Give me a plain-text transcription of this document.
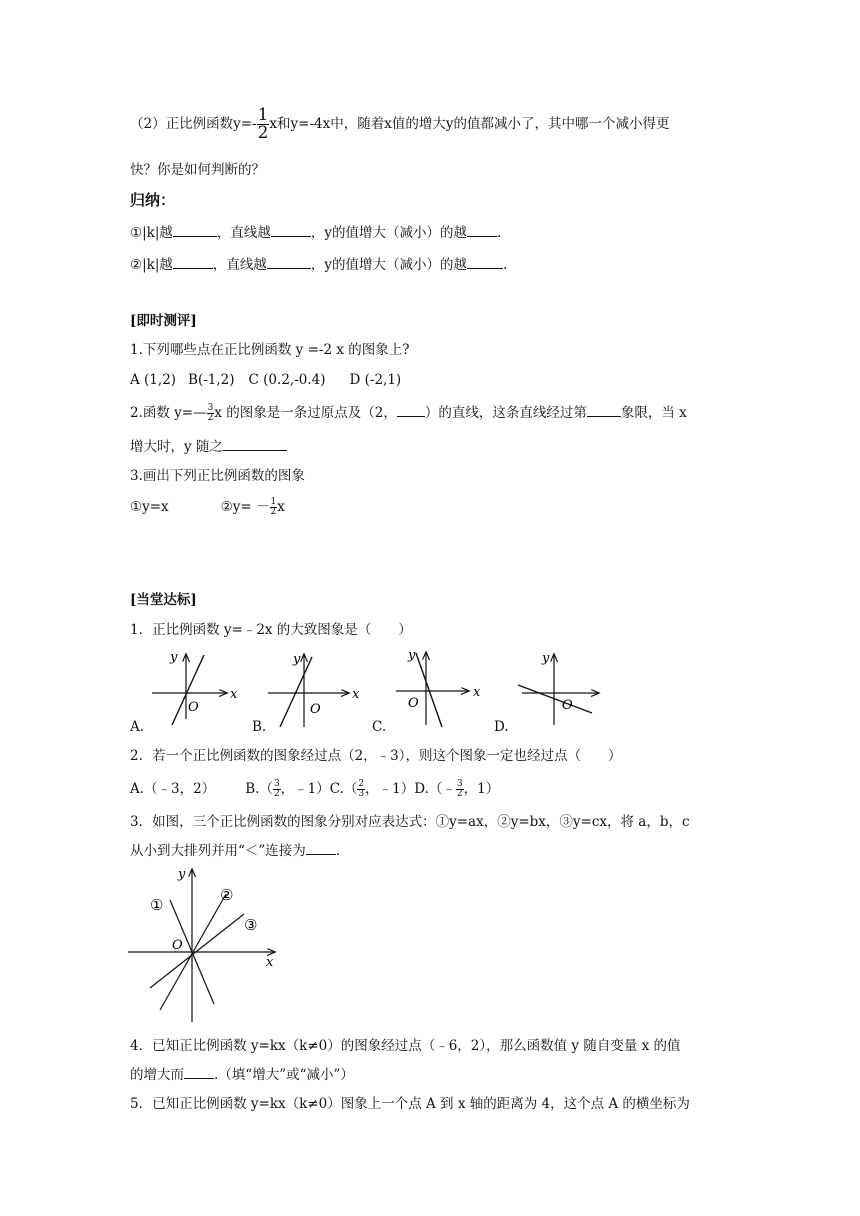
（2）正比例函数$y=- \frac{1}{2}$ x和y=-4x中，随着x值的增大y的值都减小了，其中哪一个减小得更
快？你是如何判断的？
归纳：
①|k|越	，直线越	，y的值增大（减小）的越 .
②|k|越	，直线越	，y的值增大（减小）的越	.
[即时测评]
1.下列哪些点在正比例函数 y =-2 x 的图象上?
A (1,2) B(-1,2) C (0.2,-0.4) D (-2,1)
2.函数 y=— $\frac{3}{2}$ x 的图象是一条过原点及（2， ）的直线，这条直线经过第	象限，当 x
增大时，y 随之
3.画出下列正比例函数的图象
①y=x	②y= － $\frac{1}{2}$ x
[当堂达标]
1．正比例函数 y=﹣2x 的大致图象是（　　）
x
y
O
x
y
O
x
y
O
y
O
A.	B.	C.	D.
2．若一个正比例函数的图象经过点（2，﹣3），则这个图象一定也经过点（　　）
A.（﹣3，2） $B.( \frac{3}{2}$ ，﹣1）C.（ $\frac{2}{3}$ ，﹣1）D.（﹣ $\frac{3}{2}$ ，1）
3．如图，三个正比例函数的图象分别对应表达式：①y=ax，②y=bx，③y=cx，将 a，b，c
从小到大排列并用“＜”连接为 .
x
y
O
①
②
③
4．已知正比例函数 y=kx（k≠0）的图象经过点（﹣6，2），那么函数值 y 随自变量 x 的值
的增大而 .（填“增大”或“减小”）
5．已知正比例函数 y=kx（k≠0）图象上一个点 A 到 x 轴的距离为 4，这个点 A 的横坐标为
